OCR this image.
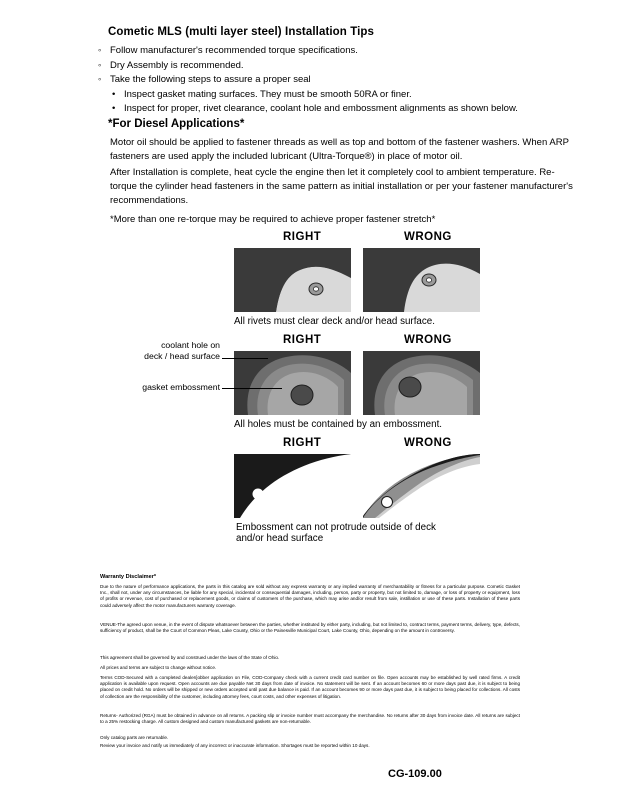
Cometic MLS (multi layer steel) Installation Tips
◦ Follow manufacturer's recommended torque specifications.
◦ Dry Assembly is recommended.
◦ Take the following steps to assure a proper seal
• Inspect gasket mating surfaces. They must be smooth 50RA or finer.
• Inspect for proper, rivet clearance, coolant hole and embossment alignments as shown below.
*For Diesel Applications*
Motor oil should be applied to fastener threads as well as top and bottom of the fastener washers. When ARP fasteners are used apply the included lubricant (Ultra-Torque®) in place of motor oil.
After Installation is complete, heat cycle the engine then let it completely cool to ambient temperature. Re-torque the cylinder head fasteners in the same pattern as initial installation or per your fastener manufacturer's recommendations.
*More than one re-torque may be required to achieve proper fastener stretch*
RIGHT	WRONG
All rivets must clear deck and/or head surface.
RIGHT	WRONG
coolant hole on
deck / head surface
gasket embossment
All holes must be contained by an embossment.
RIGHT	WRONG
Embossment can not protrude outside of deck
and/or head surface
Warranty Disclaimer*
Due to the nature of performance applications, the parts in this catalog are sold without any express warranty or any implied warranty of merchantability or fitness for a particular purpose. Cometic Gasket Inc., shall not, under any circumstances, be liable for any special, incidental or consequential damages, including, person, party or property, but not limited to, damage, or loss of property or equipment, loss of profits or revenue, cost of purchased or replacement goods, or claims of customers of the purchase, which may arise and/or result from sale, instillation or use of these parts. Installation of these parts could adversely affect the motor manufacturers warranty coverage.
VENUE-The agreed upon venue, in the event of dispute whatsoever between the parties, whether instituted by either party, including, but not limited to, contract terms, payment terms, delivery, type, defects, sufficiency of product, shall be the Court of Common Pleas, Lake County, Ohio or the Painesville Municipal Court, Lake County, Ohio, depending on the amount in controversy.
This agreement shall be governed by and construed under the laws of the State of Ohio.
All prices and terms are subject to change without notice.
Terms COD-Secured with a completed dealer/jobber application on File, COD-Company check with a current credit card number on file. Open accounts may be established by well rated firms. A credit application is available upon request. Open accounts are due payable Net 30 days from date of invoice. No statement will be sent. If an account becomes 60 or more days past due, it is subject to being placed on credit hold. No orders will be shipped or new orders accepted until past due balance is paid. If an account becomes 90 or more days past due, it is subject to being placed for collections. All costs of collection are the responsibility of the customer, including attorney fees, court costs, and other expenses of litigation.
Returns- Authorized (RGA) must be obtained in advance on all returns. A packing slip or invoice number must accompany the merchandise. No returns after 30 days from invoice date. All returns are subject to a 25% restocking charge. All custom designed and custom manufactured gaskets are non-returnable.
Only catalog parts are returnable.
Review your invoice and notify us immediately of any incorrect or inaccurate information. Shortages must be reported within 10 days.
CG-109.00
